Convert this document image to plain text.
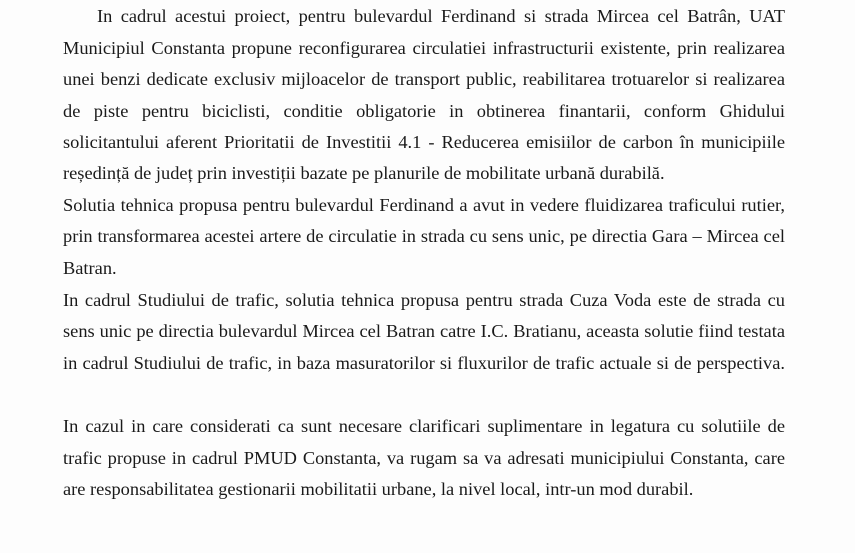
In cadrul acestui proiect, pentru bulevardul Ferdinand si strada Mircea cel Batrân, UAT
Municipiul Constanta propune reconfigurarea circulatiei infrastructurii existente, prin realizarea
unei benzi dedicate exclusiv mijloacelor de transport public, reabilitarea trotuarelor si realizarea
de piste pentru biciclisti, conditie obligatorie in obtinerea finantarii, conform Ghidului
solicitantului aferent Prioritatii de Investitii 4.1 - Reducerea emisiilor de carbon în municipiile
reședință de județ prin investiții bazate pe planurile de mobilitate urbană durabilă.
Solutia tehnica propusa pentru bulevardul Ferdinand a avut in vedere fluidizarea traficului rutier,
prin transformarea acestei artere de circulatie in strada cu sens unic, pe directia Gara – Mircea cel
Batran.
In cadrul Studiului de trafic, solutia tehnica propusa pentru strada Cuza Voda este de strada cu
sens unic pe directia bulevardul Mircea cel Batran catre I.C. Bratianu, aceasta solutie fiind testata
in cadrul Studiului de trafic, in baza masuratorilor si fluxurilor de trafic actuale si de perspectiva.
In cazul in care considerati ca sunt necesare clarificari suplimentare in legatura cu solutiile de
trafic propuse in cadrul PMUD Constanta, va rugam sa va adresati municipiului Constanta, care
are responsabilitatea gestionarii mobilitatii urbane, la nivel local, intr-un mod durabil.
